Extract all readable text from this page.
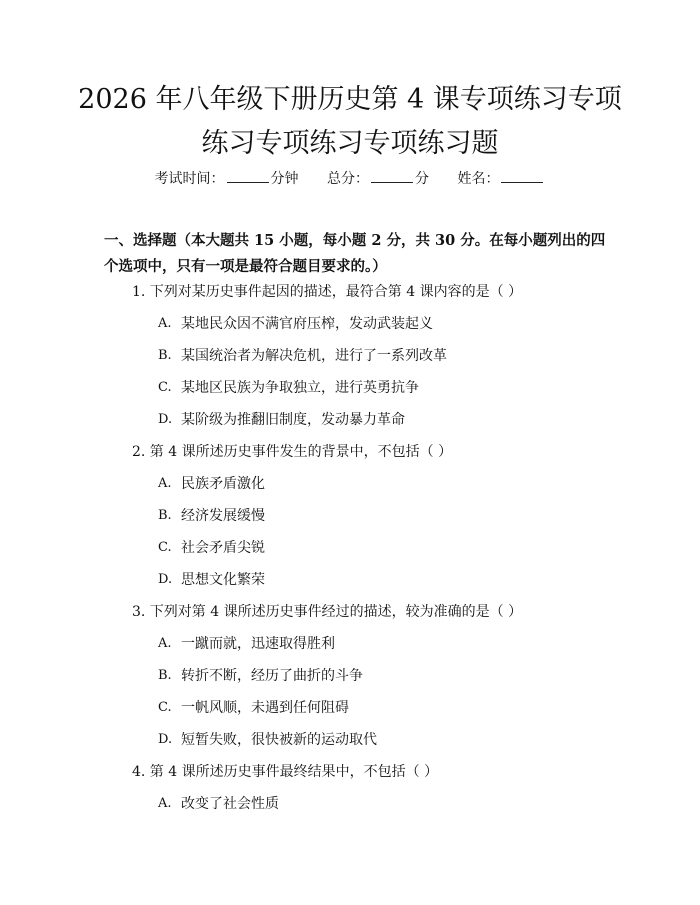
2026 年八年级下册历史第 4 课专项练习专项
练习专项练习专项练习题
考试时间：	分钟 总分：	分 姓名：

一、选择题（本大题共 15 小题，每小题 2 分，共 30 分。在每小题列出的四个选项中，只有一项是最符合题目要求的。）

1. 下列对某历史事件起因的描述，最符合第 4 课内容的是（ ）
A. 某地民众因不满官府压榨，发动武装起义
B. 某国统治者为解决危机，进行了一系列改革
C. 某地区民族为争取独立，进行英勇抗争
D. 某阶级为推翻旧制度，发动暴力革命
2. 第 4 课所述历史事件发生的背景中，不包括（ ）
A. 民族矛盾激化
B. 经济发展缓慢
C. 社会矛盾尖锐
D. 思想文化繁荣
3. 下列对第 4 课所述历史事件经过的描述，较为准确的是（ ）
A. 一蹴而就，迅速取得胜利
B. 转折不断，经历了曲折的斗争
C. 一帆风顺，未遇到任何阻碍
D. 短暂失败，很快被新的运动取代
4. 第 4 课所述历史事件最终结果中，不包括（ ）
A. 改变了社会性质
